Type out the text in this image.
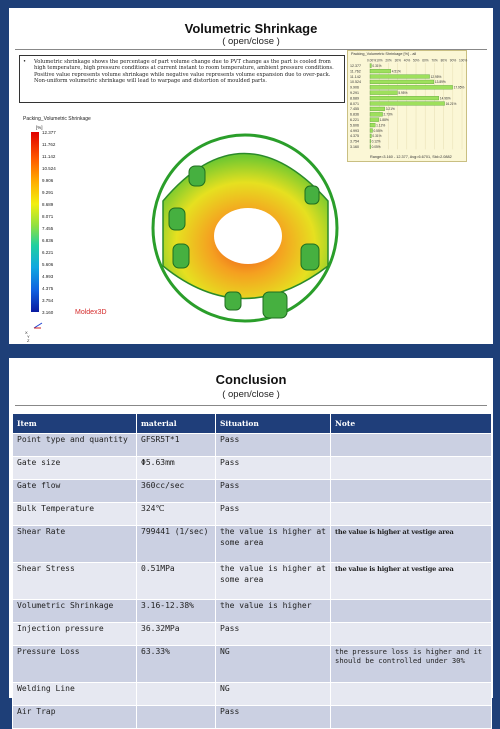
Volumetric Shrinkage
( open/close )
• Volumetric shrinkage shows the percentage of part volume change due to PVT change as the part is cooled from high temperature, high pressure conditions at current instant to room temperature, ambient pressure conditions. Positive value represents volume shrinkage while negative value represents volume expansion due to over-pack. Non-uniform volumetric shrinkage will lead to warpage and distortion of moulded parts.
Packing_Volumetric Shrinkage
[%]
12.377
11.762
11.142
10.524
9.906
9.291
8.689
8.071
7.455
6.836
6.221
5.606
4.993
4.375
3.754
3.160	Moldex3D
X
Y
Z
Packing_Volumetric Shrinkage [%] - all
0.00% 10% 20% 30% 40% 50% 60% 70% 80% 90% 100%
12.377	0.31%
11.762	4.51%
11.142	12.95%
10.524	13.89%
9.906	17.95%
9.291	5.95%
8.689	14.96%
8.071	16.21%
7.455	3.21%
6.836	2.73%
6.221	1.88%
5.606	1.12%
4.993	0.55%
4.375	0.31%
3.754	0.12%
3.160	0.05%
Range=3.160 - 12.377, Avg=6.6701, Std=2.0882
Conclusion
( open/close )
Item	material	Situation	Note
Point type and quantity	GFSR5T*1	Pass	
Gate size	Φ5.63mm	Pass	
Gate flow	360cc/sec	Pass	
Bulk Temperature	324℃	Pass	
Shear Rate	799441 (1/sec)	the value is higher at some area	the value is higher at vestige area
Shear Stress	0.51MPa	the value is higher at some area	the value is higher at vestige area
Volumetric Shrinkage	3.16-12.38%	the value is higher	
Injection pressure	36.32MPa	Pass	
Pressure Loss	63.33%	NG	the pressure loss is higher and it should be controlled under 30%
Welding Line		NG	
Air Trap		Pass	
